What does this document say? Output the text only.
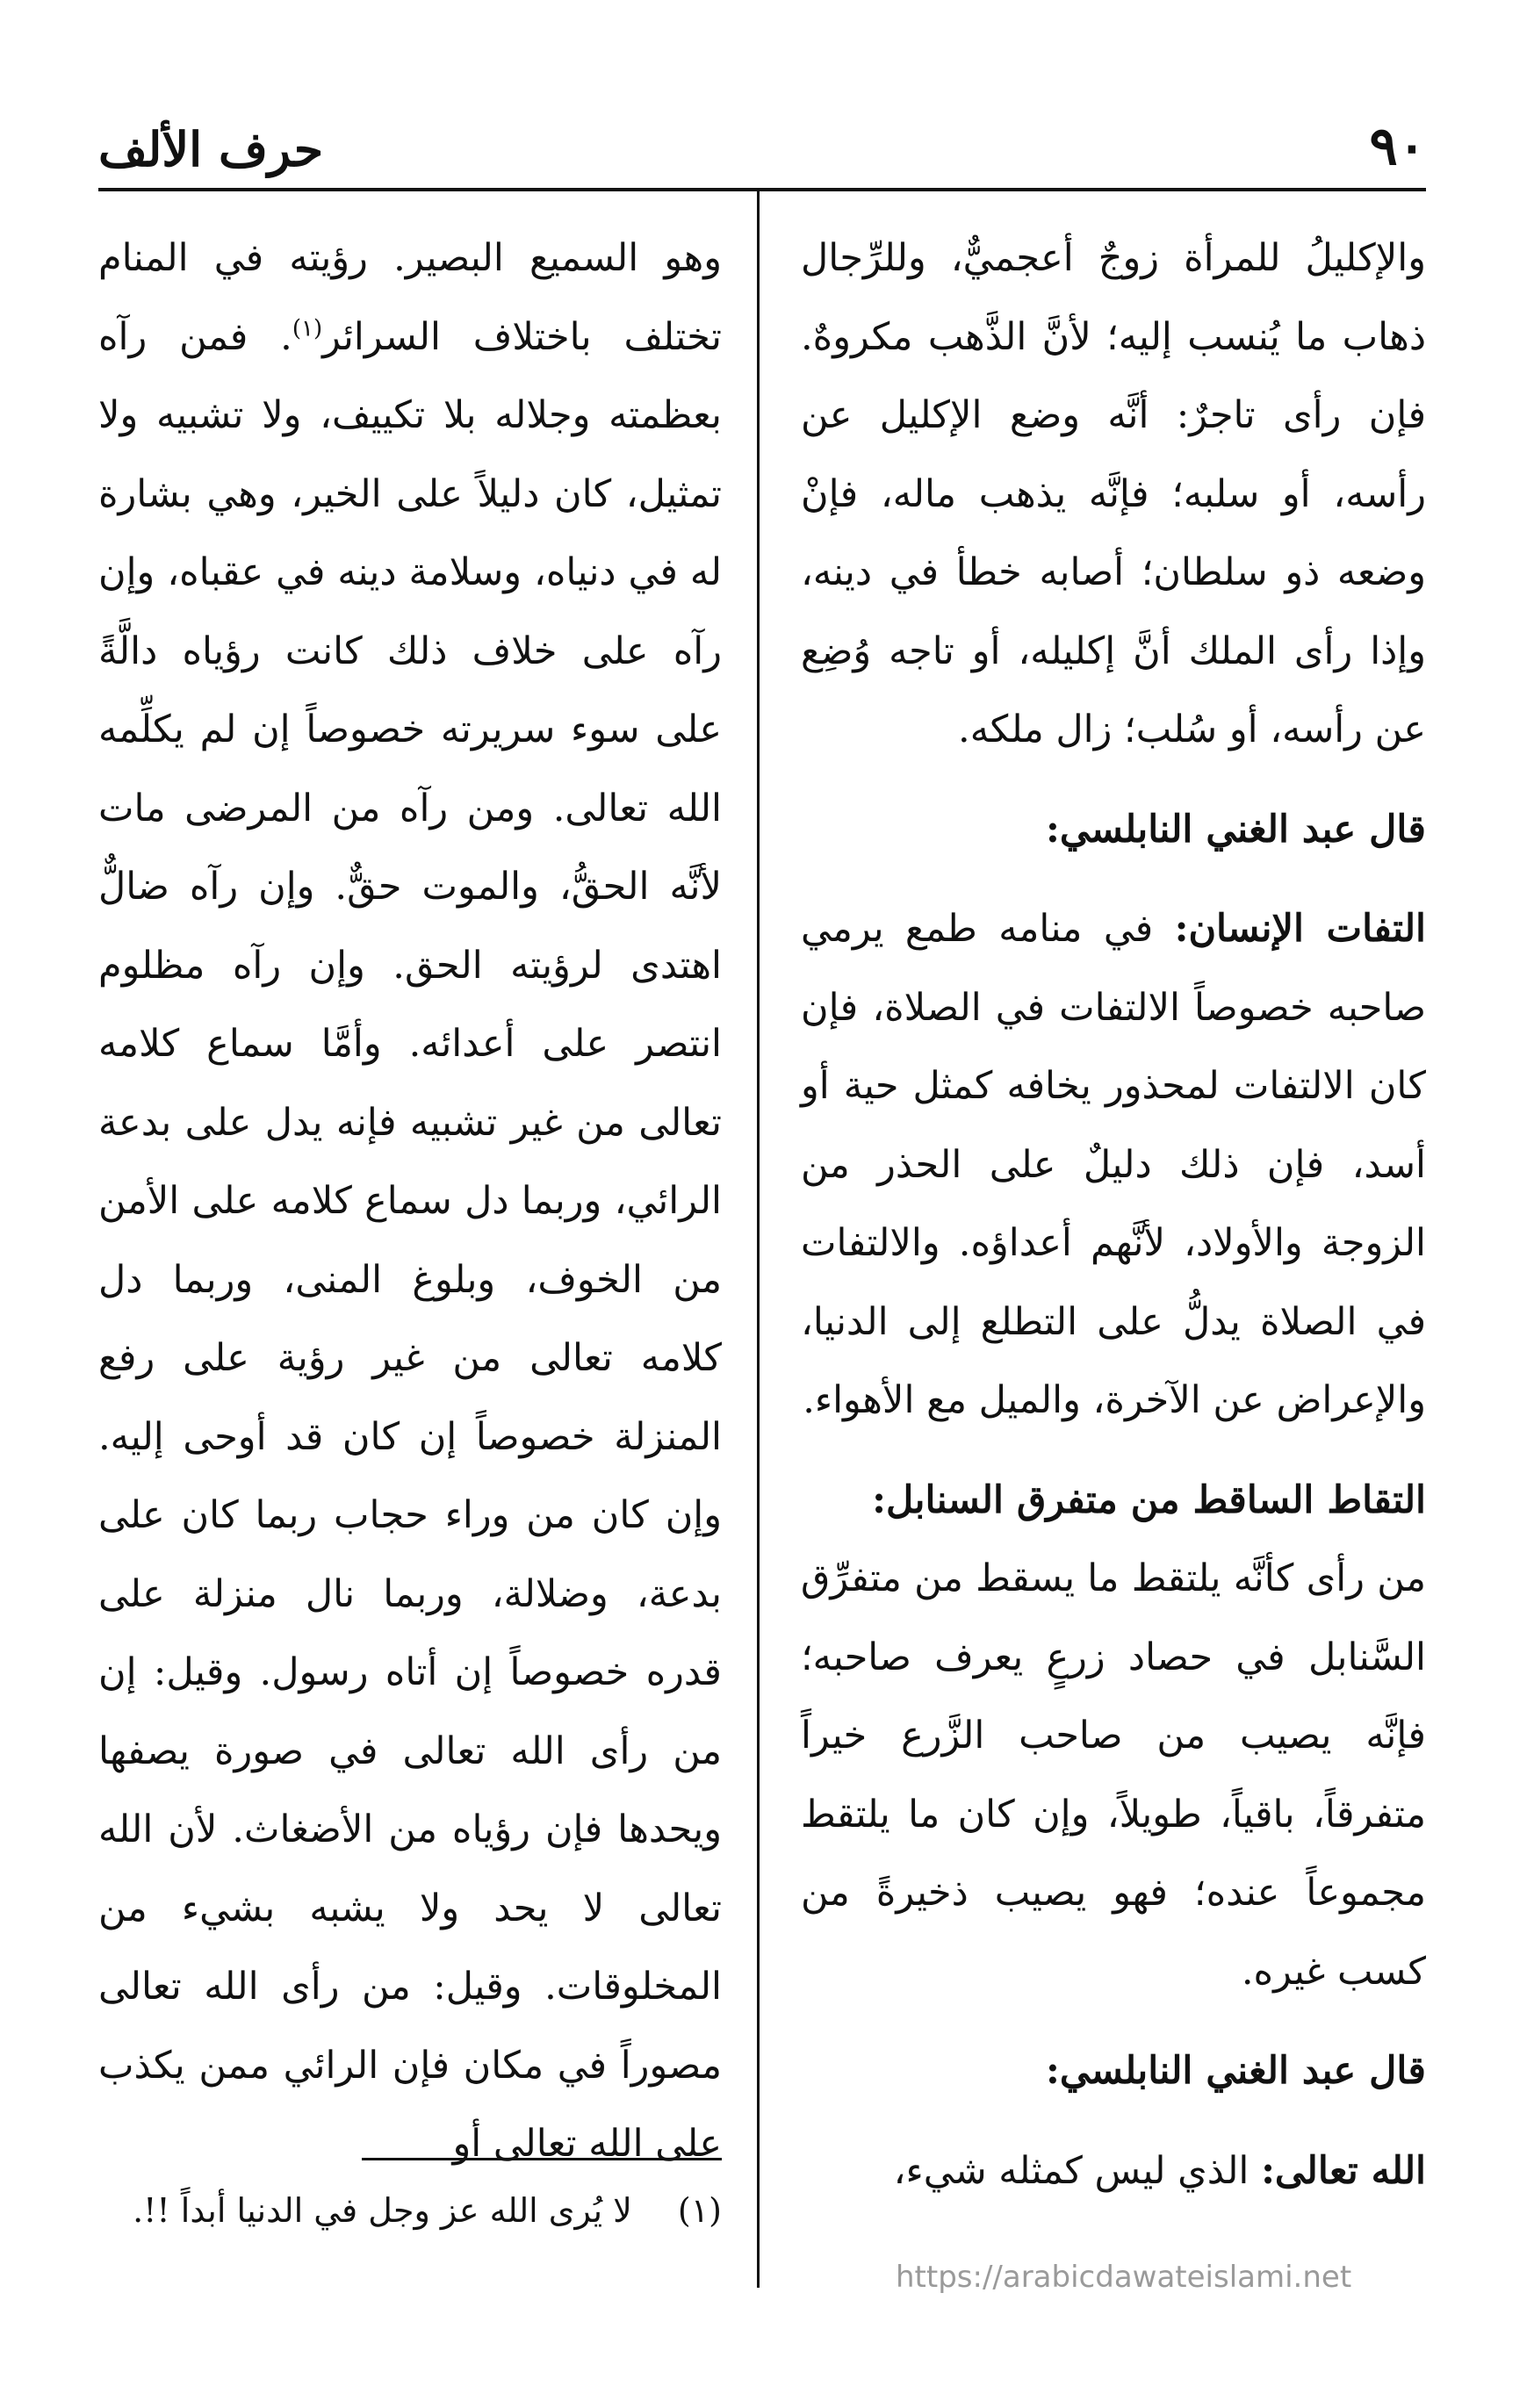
٩٠
حرف الألف

والإكليلُ للمرأة زوجٌ أعجميٌّ، وللرِّجال ذهاب ما يُنسب إليه؛ لأنَّ الذَّهب مكروهٌ. فإن رأى تاجرٌ: أنَّه وضع الإكليل عن رأسه، أو سلبه؛ فإنَّه يذهب ماله، فإنْ وضعه ذو سلطان؛ أصابه خطأ في دينه، وإذا رأى الملك أنَّ إكليله، أو تاجه وُضِع عن رأسه، أو سُلب؛ زال ملكه.

قال عبد الغني النابلسي:

التفات الإنسان: في منامه طمع يرمي صاحبه خصوصاً الالتفات في الصلاة، فإن كان الالتفات لمحذور يخافه كمثل حية أو أسد، فإن ذلك دليلٌ على الحذر من الزوجة والأولاد، لأنَّهم أعداؤه. والالتفات في الصلاة يدلُّ على التطلع إلى الدنيا، والإعراض عن الآخرة، والميل مع الأهواء.

التقاط الساقط من متفرق السنابل:

من رأى كأنَّه يلتقط ما يسقط من متفرِّق السَّنابل في حصاد زرعٍ يعرف صاحبه؛ فإنَّه يصيب من صاحب الزَّرع خيراً متفرقاً، باقياً، طويلاً، وإن كان ما يلتقط مجموعاً عنده؛ فهو يصيب ذخيرةً من كسب غيره.

قال عبد الغني النابلسي:

الله تعالى: الذي ليس كمثله شيء،

وهو السميع البصير. رؤيته في المنام تختلف باختلاف السرائر$^{(١)}$. فمن رآه بعظمته وجلاله بلا تكييف، ولا تشبيه ولا تمثيل، كان دليلاً على الخير، وهي بشارة له في دنياه، وسلامة دينه في عقباه، وإن رآه على خلاف ذلك كانت رؤياه دالَّةً على سوء سريرته خصوصاً إن لم يكلِّمه الله تعالى. ومن رآه من المرضى مات لأنَّه الحقُّ، والموت حقٌّ. وإن رآه ضالٌّ اهتدى لرؤيته الحق. وإن رآه مظلوم انتصر على أعدائه. وأمَّا سماع كلامه تعالى من غير تشبيه فإنه يدل على بدعة الرائي، وربما دل سماع كلامه على الأمن من الخوف، وبلوغ المنى، وربما دل كلامه تعالى من غير رؤية على رفع المنزلة خصوصاً إن كان قد أوحى إليه. وإن كان من وراء حجاب ربما كان على بدعة، وضلالة، وربما نال منزلة على قدره خصوصاً إن أتاه رسول. وقيل: إن من رأى الله تعالى في صورة يصفها ويحدها فإن رؤياه من الأضغاث. لأن الله تعالى لا يحد ولا يشبه بشيء من المخلوقات. وقيل: من رأى الله تعالى مصوراً في مكان فإن الرائي ممن يكذب على الله تعالى أو

(١) لا يُرى الله عز وجل في الدنيا أبداً !!.
https://arabicdawateislami.net
